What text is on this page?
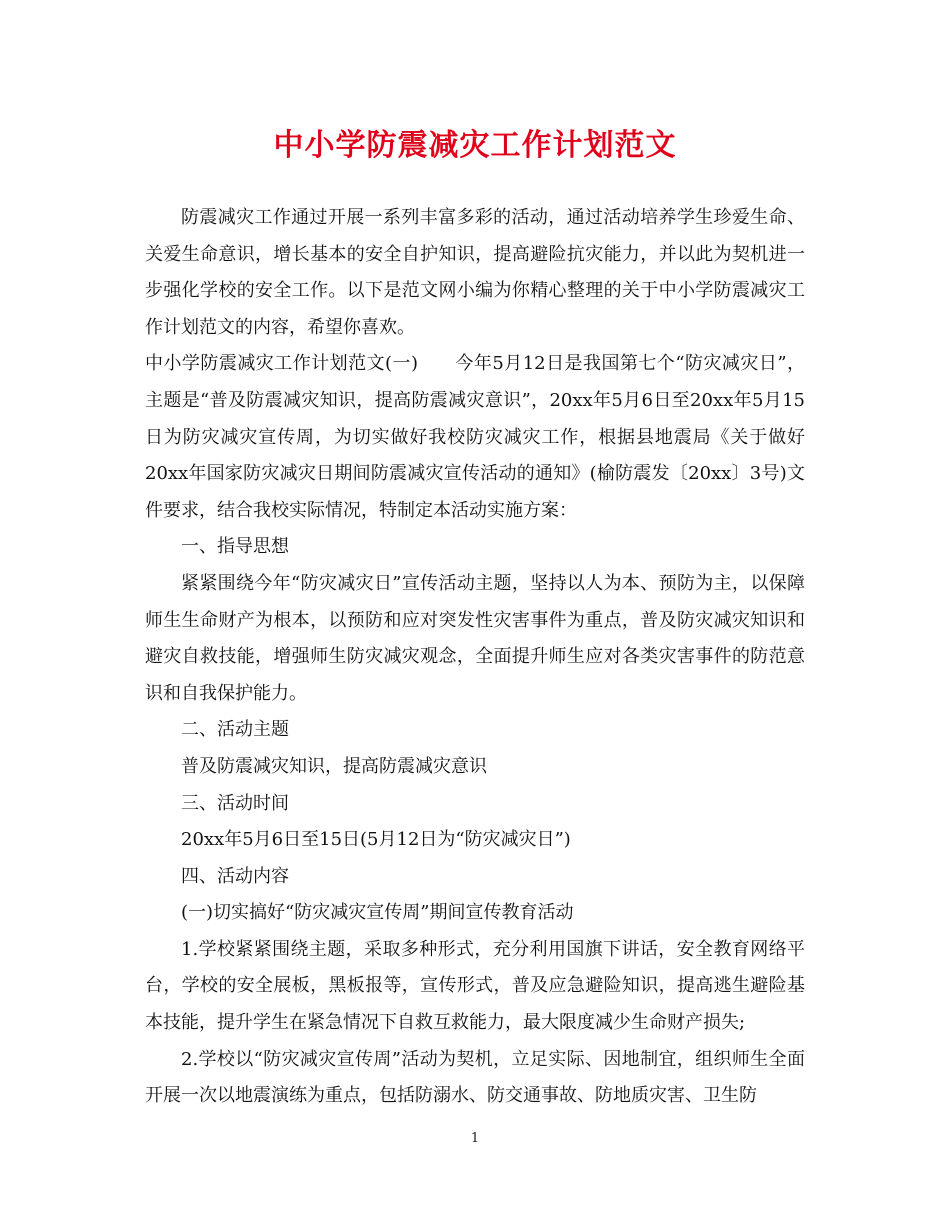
中小学防震减灾工作计划范文

防震减灾工作通过开展一系列丰富多彩的活动，通过活动培养学生珍爱生命、关爱生命意识，增长基本的安全自护知识，提高避险抗灾能力，并以此为契机进一步强化学校的安全工作。以下是范文网小编为你精心整理的关于中小学防震减灾工作计划范文的内容，希望你喜欢。

中小学防震减灾工作计划范文(一)　　今年5月12日是我国第七个“防灾减灾日”，主题是“普及防震减灾知识，提高防震减灾意识”，20xx年5月6日至20xx年5月15日为防灾减灾宣传周，为切实做好我校防灾减灾工作，根据县地震局《关于做好20xx年国家防灾减灾日期间防震减灾宣传活动的通知》(榆防震发〔20xx〕3号)文件要求，结合我校实际情况，特制定本活动实施方案：

一、指导思想

紧紧围绕今年“防灾减灾日”宣传活动主题，坚持以人为本、预防为主，以保障师生生命财产为根本，以预防和应对突发性灾害事件为重点，普及防灾减灾知识和避灾自救技能，增强师生防灾减灾观念，全面提升师生应对各类灾害事件的防范意识和自我保护能力。

二、活动主题

普及防震减灾知识，提高防震减灾意识

三、活动时间

20xx年5月6日至15日(5月12日为“防灾减灾日”)

四、活动内容

(一)切实搞好“防灾减灾宣传周”期间宣传教育活动

1.学校紧紧围绕主题，采取多种形式，充分利用国旗下讲话，安全教育网络平台，学校的安全展板，黑板报等，宣传形式，普及应急避险知识，提高逃生避险基本技能，提升学生在紧急情况下自救互救能力，最大限度减少生命财产损失;

2.学校以“防灾减灾宣传周”活动为契机，立足实际、因地制宜，组织师生全面开展一次以地震演练为重点，包括防溺水、防交通事故、防地质灾害、卫生防

1
